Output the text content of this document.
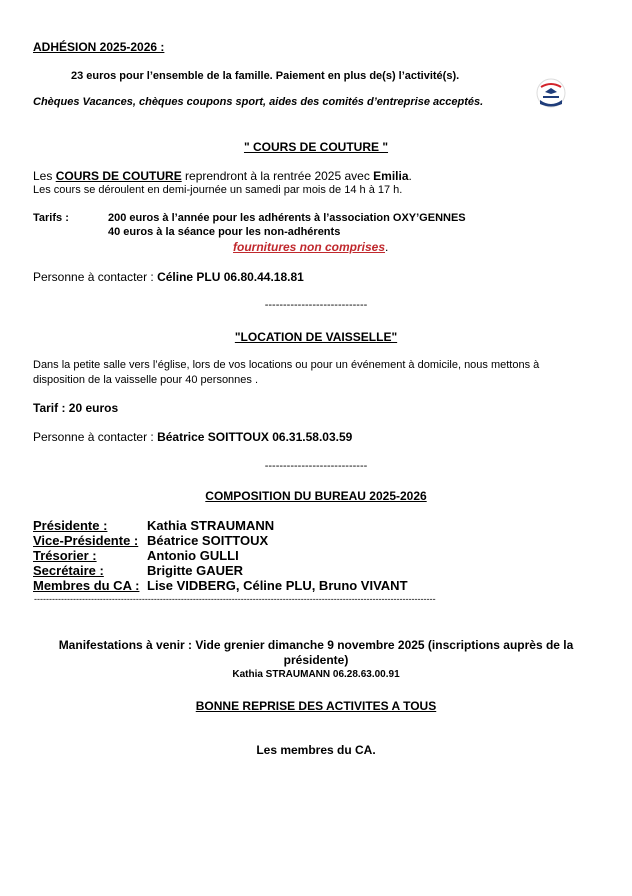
ADHÉSION 2025-2026 :
23 euros pour l’ensemble de la famille. Paiement en plus de(s) l’activité(s).
Chèques Vacances, chèques coupons sport, aides des comités d’entreprise acceptés.
" COURS DE COUTURE "
Les COURS DE COUTURE reprendront à la rentrée 2025 avec Emilia.
Les cours se déroulent en demi-journée un samedi par mois de 14 h à 17 h.
Tarifs :	200 euros à l’année pour les adhérents à l’association OXY’GENNES
40 euros à la séance pour les non-adhérents
fournitures non comprises.
Personne à contacter : Céline PLU 06.80.44.18.81
----------------------------
"LOCATION DE VAISSELLE"
Dans la petite salle vers l’église, lors de vos locations ou pour un événement à domicile, nous mettons à
disposition de la vaisselle pour 40 personnes .
Tarif : 20 euros
Personne à contacter : Béatrice SOITTOUX 06.31.58.03.59
----------------------------
COMPOSITION DU BUREAU 2025-2026
Présidente :	Kathia STRAUMANN
Vice-Présidente : Béatrice SOITTOUX
Trésorier :	Antonio GULLI
Secrétaire :	Brigitte GAUER
Membres du CA : Lise VIDBERG, Céline PLU, Bruno VIVANT
--------------------------------------------------------------------------------------------------------------------------------------
Manifestations à venir : Vide grenier dimanche 9 novembre 2025 (inscriptions auprès de la
présidente)
Kathia STRAUMANN 06.28.63.00.91
BONNE REPRISE DES ACTIVITES A TOUS
Les membres du CA.
